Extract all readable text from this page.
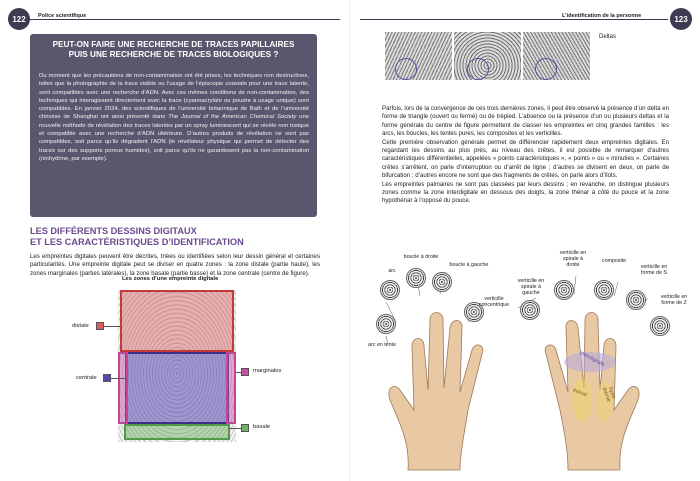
122	Police scientifique
PEUT-ON FAIRE UNE RECHERCHE DE TRACES PAPILLAIRES
PUIS UNE RECHERCHE DE TRACES BIOLOGIQUES ?
Du moment que les précautions de non-contamination ont été prises, les techniques non destructives, telles que la photographie de la trace visible ou l’usage de l’épiscopie coaxiale pour une trace latente, sont compatibles avec une recherche d’ADN. Avec ces mêmes conditions de non-contamination, des techniques qui interagissent directement avec la trace (cyanoacrylate ou poudre à usage unique) sont compatibles. En janvier 2024, des scientifiques de l’université britannique de Bath et de l’université chinoise de Shanghai ont ainsi présenté dans The Journal of the American Chemical Society une nouvelle méthode de révélation des traces latentes par un spray luminescent qui se révèle non toxique et compatible avec une recherche d’ADN ultérieure. D’autres produits de révélation ne sont pas compatibles, soit parce qu’ils dégradent l’ADN (le révélateur physique qui permet de détecter des traces sur des supports poreux humides), soit parce qu’ils ne garantissent pas la non-contamination (ninhydrine, par exemple).
LES DIFFÉRENTS DESSINS DIGITAUX
ET LES CARACTÉRISTIQUES D’IDENTIFICATION
Les empreintes digitales peuvent être décrites, triées ou identifiées selon leur dessin général et certaines particularités. Une empreinte digitale peut se diviser en quatre zones : la zone distale (partie haute), les zones marginales (parties latérales), la zone basale (partie basse) et la zone centrale (centre de figure).
Les zones d’une empreinte digitale
distale
centrale
marginales
basale
L’identification de la personne	123
Deltas

Parfois, lors de la convergence de ces trois dernières zones, il peut être observé la présence d’un delta en forme de triangle (ouvert ou fermé) ou de trépied. L’absence ou la présence d’un ou plusieurs deltas et la forme générale du centre de figure permettent de classer les empreintes en cinq grandes familles : les arcs, les boucles, les tentes pures, les composites et les verticilles.

Cette première observation générale permet de différencier rapidement deux empreintes digitales. En regardant les dessins au plus près, au niveau des crêtes, il est possible de remarquer d’autres caractéristiques différentielles, appelées « points caractéristiques », « points » ou « minuties ». Certaines crêtes s’arrêtent, on parle d’interruption ou d’arrêt de ligne ; d’autres se divisent en deux, on parle de bifurcation ; d’autres encore ne sont que des fragments de crêtes, on parle alors d’îlots.

Les empreintes palmaires ne sont pas classées par leurs dessins ; en revanche, on distingue plusieurs zones comme la zone interdigitale en dessous des doigts, la zone thénar à côté du pouce et la zone hypothénar à l’opposé du pouce.

arc
boucle à droite
boucle à gauche
verticille concentrique
arc en tente
verticille en spirale à gauche
verticille en spirale à droite
composite
verticille en forme de S
verticille en forme de Z
interdigitale
thénar	hypo thénar
